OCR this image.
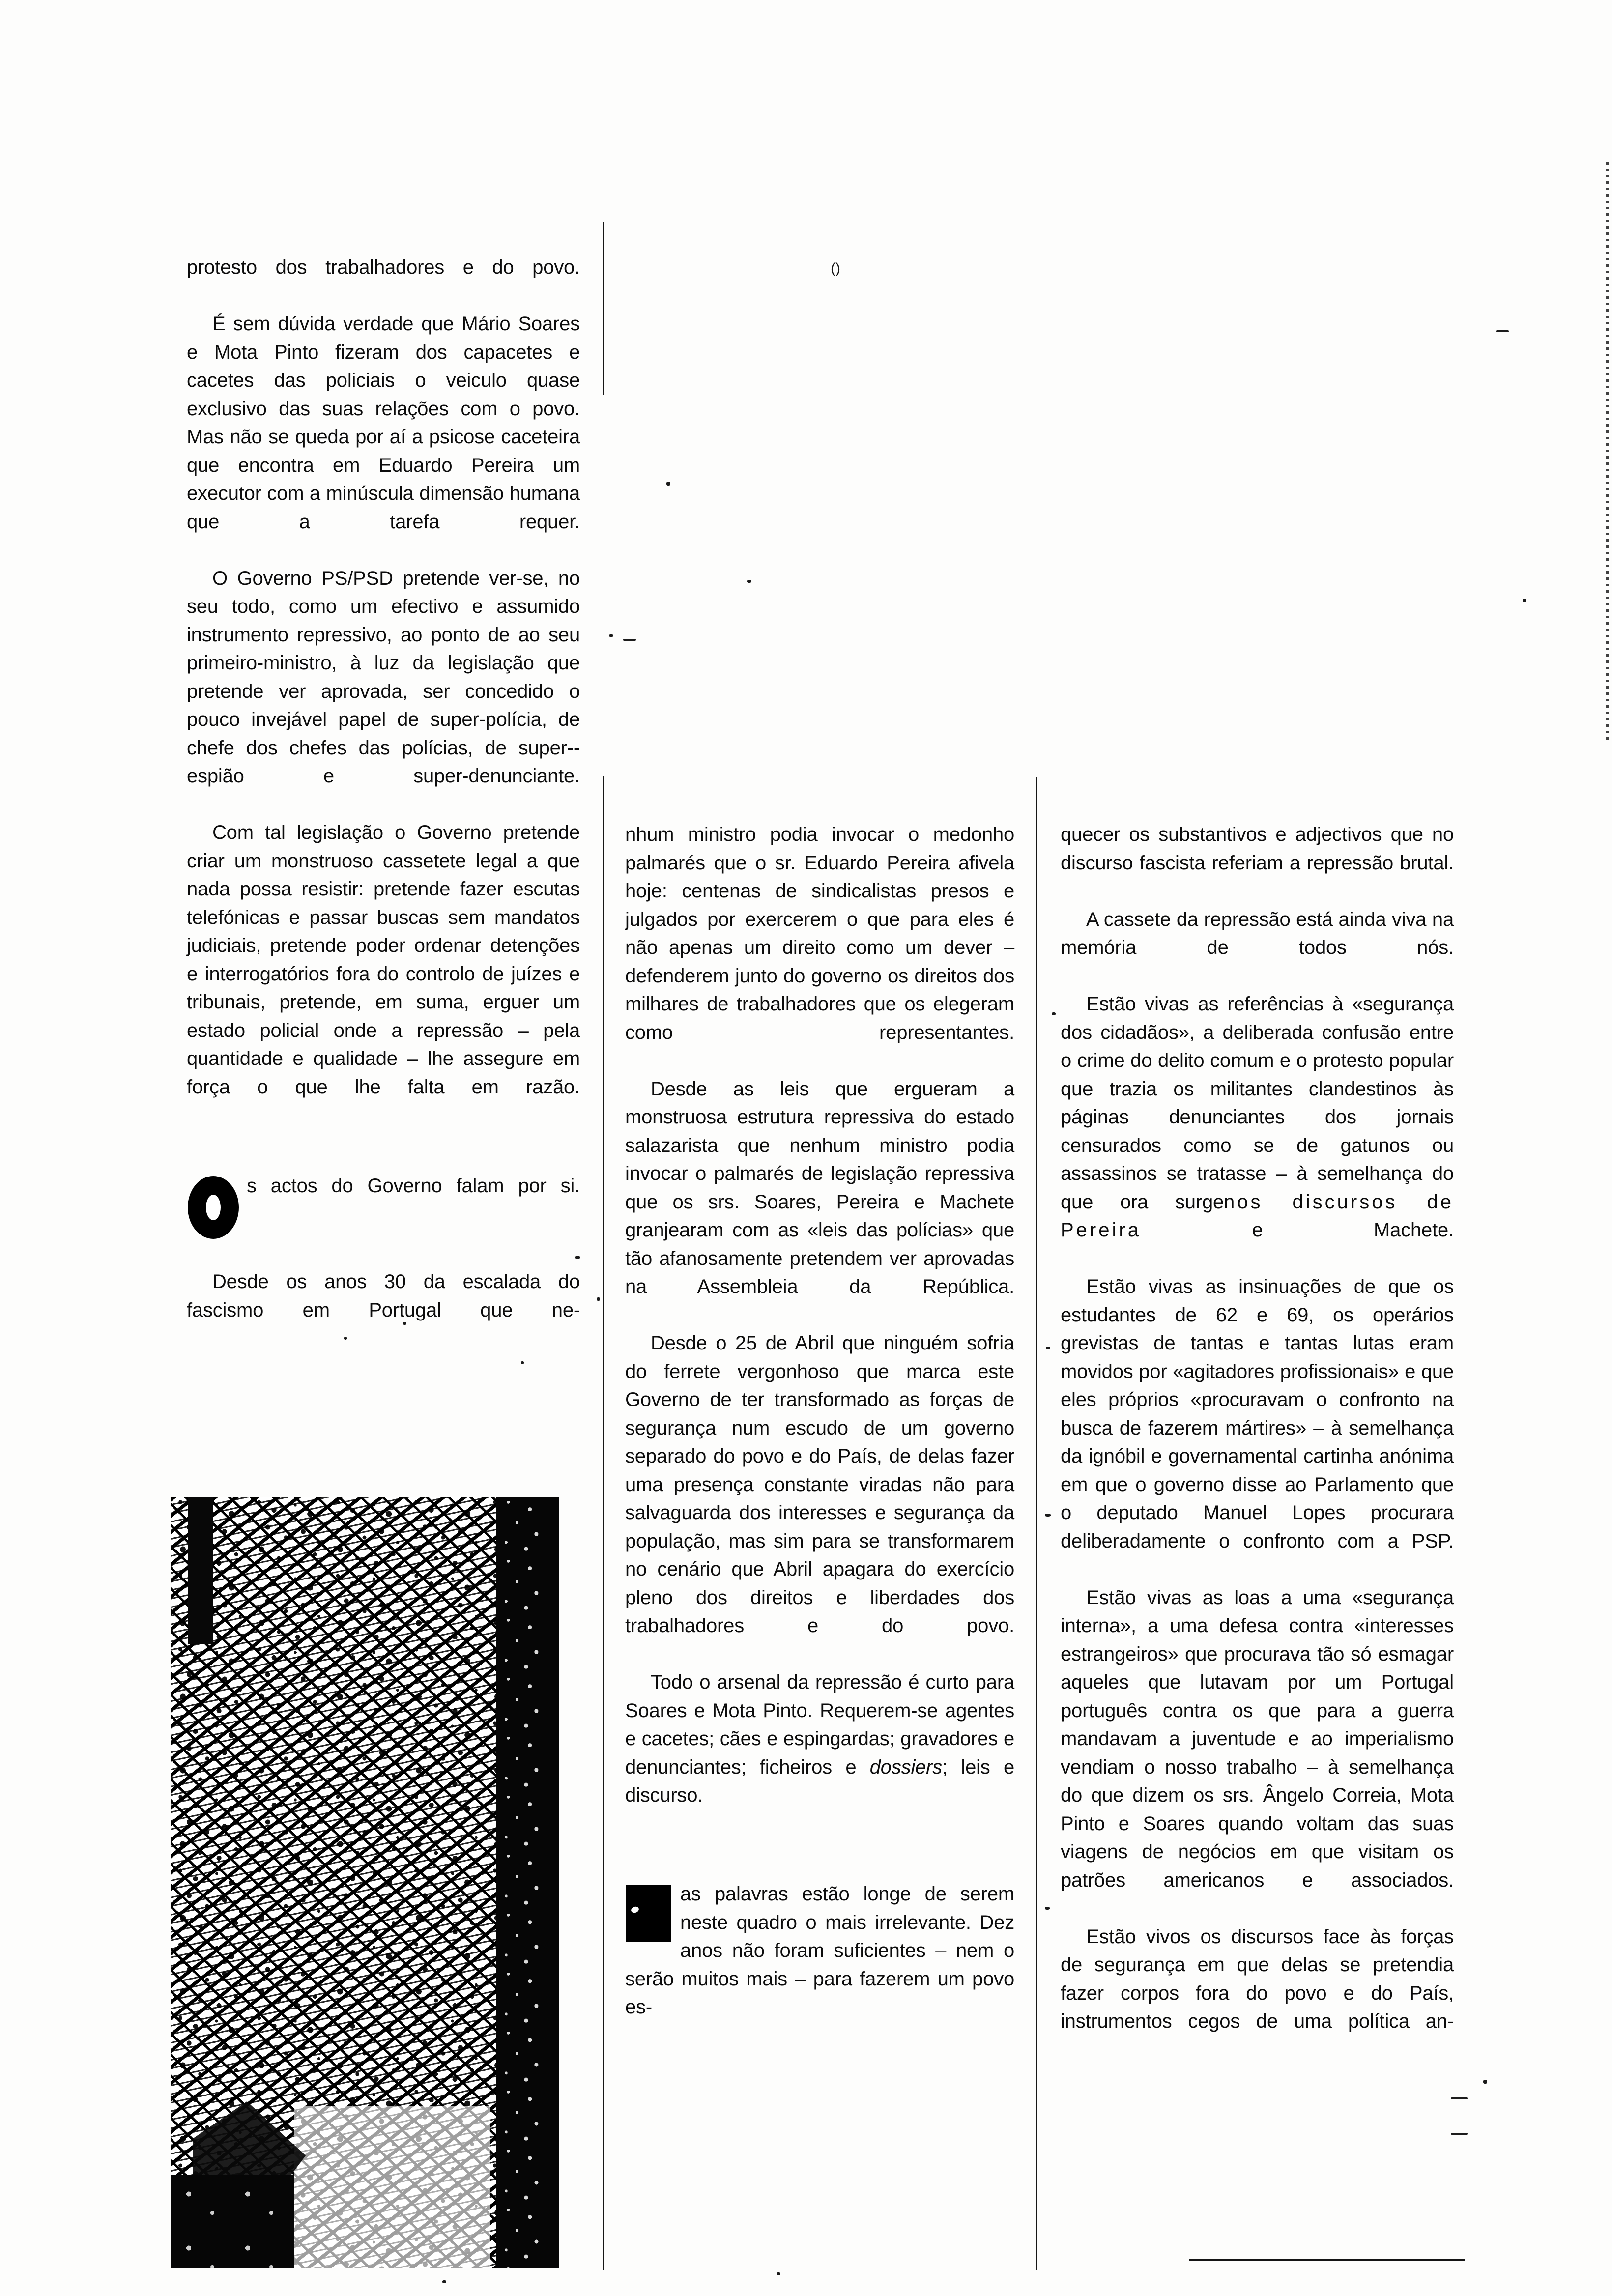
()

protesto dos trabalhadores e do povo.

É sem dúvida verdade que Mário Soares e Mota Pinto fizeram dos capacetes e cacetes das policiais o veiculo quase exclusivo das suas relações com o povo. Mas não se queda por aí a psicose caceteira que encontra em Eduardo Pereira um executor com a minúscula dimensão humana que a tarefa requer.

O Governo PS/PSD pretende ver-se, no seu todo, como um efectivo e assumido instrumento repressivo, ao ponto de ao seu primeiro-ministro, à luz da legislação que pretende ver aprovada, ser concedido o pouco invejável papel de super-polícia, de chefe dos chefes das polícias, de super--espião e super-denunciante.

Com tal legislação o Governo pretende criar um monstruoso cassetete legal a que nada possa resistir: pretende fazer escutas telefónicas e passar buscas sem mandatos judiciais, pretende poder ordenar detenções e interrogatórios fora do controlo de juízes e tribunais, pretende, em suma, erguer um estado policial onde a repressão – pela quantidade e qualidade – lhe assegure em força o que lhe falta em razão.

s actos do Governo falam por si.

Desde os anos 30 da escalada do fascismo em Portugal que ne-

nhum ministro podia invocar o medonho palmarés que o sr. Eduardo Pereira afivela hoje: centenas de sindicalistas presos e julgados por exercerem o que para eles é não apenas um direito como um dever – defenderem junto do governo os direitos dos milhares de trabalhadores que os elegeram como representantes.

Desde as leis que ergueram a monstruosa estrutura repressiva do estado salazarista que nenhum ministro podia invocar o palmarés de legislação repressiva que os srs. Soares, Pereira e Machete granjearam com as «leis das polícias» que tão afanosamente pretendem ver aprovadas na Assembleia da República.

Desde o 25 de Abril que ninguém sofria do ferrete vergonhoso que marca este Governo de ter transformado as forças de segurança num escudo de um governo separado do povo e do País, de delas fazer uma presença constante viradas não para salvaguarda dos interesses e segurança da população, mas sim para se transformarem no cenário que Abril apagara do exercício pleno dos direitos e liberdades dos trabalhadores e do povo.

Todo o arsenal da repressão é curto para Soares e Mota Pinto. Requerem-se agentes e cacetes; cães e espingardas; gravadores e denunciantes; ficheiros e dossiers; leis e discurso.

as palavras estão longe de serem neste quadro o mais irrelevante. Dez anos não foram suficientes – nem o serão muitos mais – para fazerem um povo es-

quecer os substantivos e adjectivos que no discurso fascista referiam a repressão brutal.

A cassete da repressão está ainda viva na memória de todos nós.

Estão vivas as referências à «segurança dos cidadãos», a deliberada confusão entre o crime do delito comum e o protesto popular que trazia os militantes clandestinos às páginas denunciantes dos jornais censurados como se de gatunos ou assassinos se tratasse – à semelhança do que ora surgenos discursos de Pereira e	Machete.

Estão vivas as insinuações de que os estudantes de 62 e 69, os operários grevistas de tantas e tantas lutas eram movidos por «agitadores profissionais» e que eles próprios «procuravam o confronto na busca de fazerem mártires» – à semelhança da ignóbil e governamental cartinha anónima em que o governo disse ao Parlamento que o deputado Manuel Lopes procurara deliberadamente o confronto com a PSP.

Estão vivas as loas a uma «segurança interna», a uma defesa contra «interesses estrangeiros» que procurava tão só esmagar aqueles que lutavam por um Portugal português contra os que para a guerra mandavam a juventude e ao imperialismo vendiam o nosso trabalho – à semelhança do que dizem os srs. Ângelo Correia, Mota Pinto e Soares quando voltam das suas viagens de negócios em que visitam os patrões americanos e associados.

Estão vivos os discursos face às forças de segurança em que delas se pretendia fazer corpos fora do povo e do País, instrumentos cegos de uma política an-
